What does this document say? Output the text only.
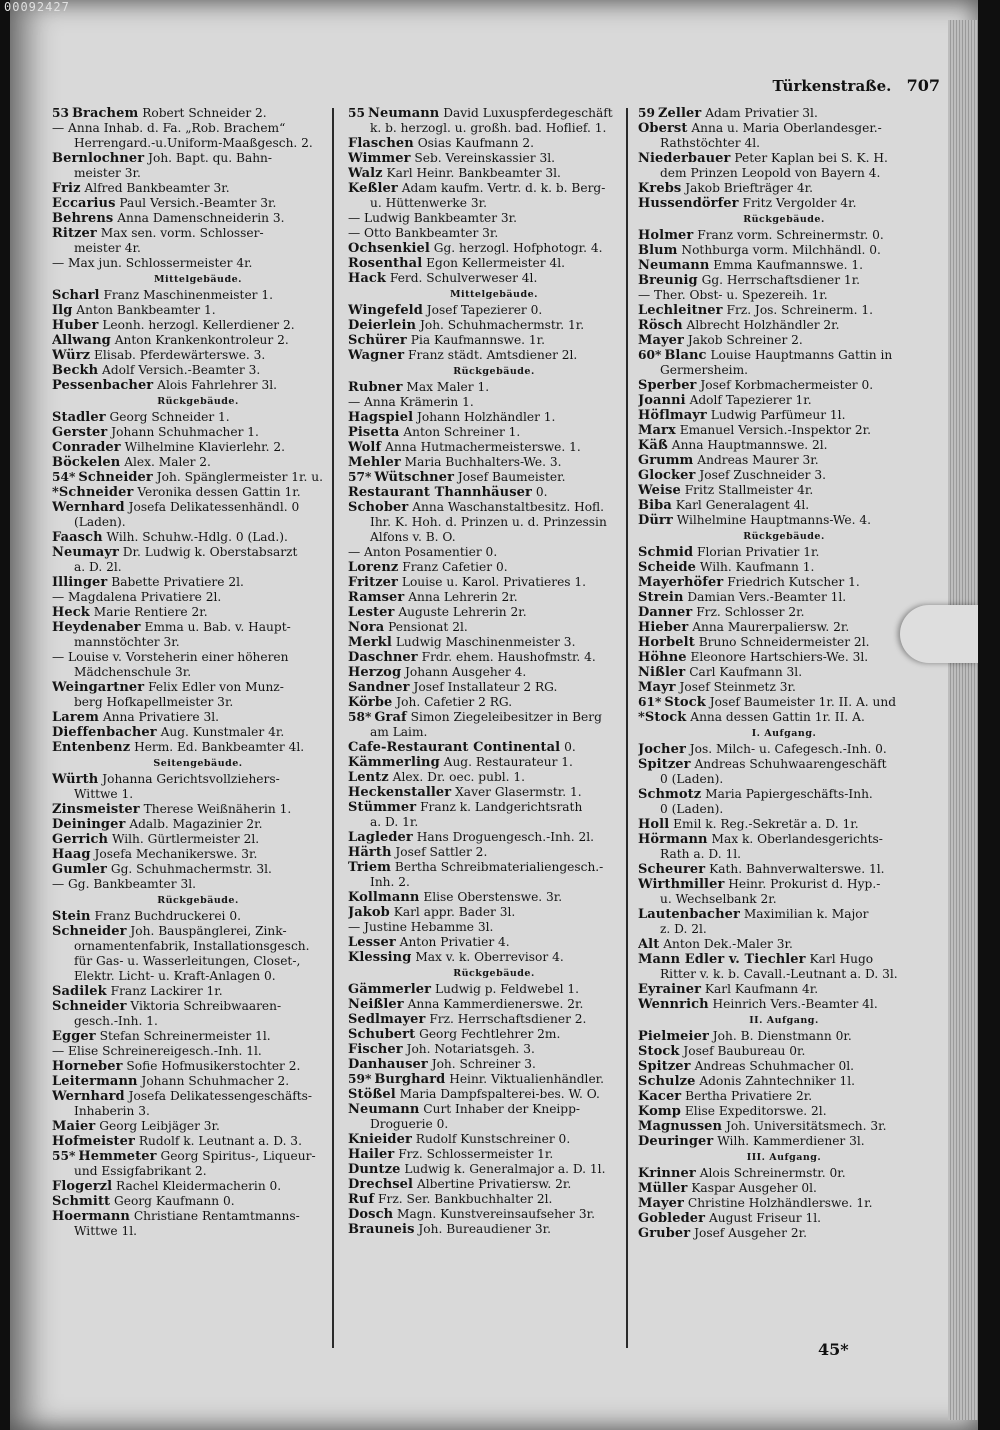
Türkenstraße. 707
53 Brachem Robert Schneider 2.
— Anna Inhab. d. Fa. „Rob. Brachem“
Herrengard.-u.Uniform-Maaßgesch. 2.
Bernlochner Joh. Bapt. qu. Bahn-
meister 3r.
Friz Alfred Bankbeamter 3r.
Eccarius Paul Versich.-Beamter 3r.
Behrens Anna Damenschneiderin 3.
Ritzer Max sen. vorm. Schlosser-
meister 4r.
— Max jun. Schlossermeister 4r.
Mittelgebäude.
Scharl Franz Maschinenmeister 1.
Ilg Anton Bankbeamter 1.
Huber Leonh. herzogl. Kellerdiener 2.
Allwang Anton Krankenkontroleur 2.
Würz Elisab. Pferdewärterswe. 3.
Beckh Adolf Versich.-Beamter 3.
Pessenbacher Alois Fahrlehrer 3l.
Rückgebäude.
Stadler Georg Schneider 1.
Gerster Johann Schuhmacher 1.
Conrader Wilhelmine Klavierlehr. 2.
Böckelen Alex. Maler 2.
54* Schneider Joh. Spänglermeister 1r. u.
*Schneider Veronika dessen Gattin 1r.
Wernhard Josefa Delikatessenhändl. 0
(Laden).
Faasch Wilh. Schuhw.-Hdlg. 0 (Lad.).
Neumayr Dr. Ludwig k. Oberstabsarzt
a. D. 2l.
Illinger Babette Privatiere 2l.
— Magdalena Privatiere 2l.
Heck Marie Rentiere 2r.
Heydenaber Emma u. Bab. v. Haupt-
mannstöchter 3r.
— Louise v. Vorsteherin einer höheren
Mädchenschule 3r.
Weingartner Felix Edler von Munz-
berg Hofkapellmeister 3r.
Larem Anna Privatiere 3l.
Dieffenbacher Aug. Kunstmaler 4r.
Entenbenz Herm. Ed. Bankbeamter 4l.
Seitengebäude.
Würth Johanna Gerichtsvollziehers-
Wittwe 1.
Zinsmeister Therese Weißnäherin 1.
Deininger Adalb. Magazinier 2r.
Gerrich Wilh. Gürtlermeister 2l.
Haag Josefa Mechanikerswe. 3r.
Gumler Gg. Schuhmachermstr. 3l.
— Gg. Bankbeamter 3l.
Rückgebäude.
Stein Franz Buchdruckerei 0.
Schneider Joh. Bauspänglerei, Zink-
ornamentenfabrik, Installationsgesch.
für Gas- u. Wasserleitungen, Closet-,
Elektr. Licht- u. Kraft-Anlagen 0.
Sadilek Franz Lackirer 1r.
Schneider Viktoria Schreibwaaren-
gesch.-Inh. 1.
Egger Stefan Schreinermeister 1l.
— Elise Schreinereigesch.-Inh. 1l.
Horneber Sofie Hofmusikerstochter 2.
Leitermann Johann Schuhmacher 2.
Wernhard Josefa Delikatessengeschäfts-
Inhaberin 3.
Maier Georg Leibjäger 3r.
Hofmeister Rudolf k. Leutnant a. D. 3.
55* Hemmeter Georg Spiritus-, Liqueur-
und Essigfabrikant 2.
Flogerzl Rachel Kleidermacherin 0.
Schmitt Georg Kaufmann 0.
Hoermann Christiane Rentamtmanns-
Wittwe 1l.
55 Neumann David Luxuspferdegeschäft
k. b. herzogl. u. großh. bad. Hoflief. 1.
Flaschen Osias Kaufmann 2.
Wimmer Seb. Vereinskassier 3l.
Walz Karl Heinr. Bankbeamter 3l.
Keßler Adam kaufm. Vertr. d. k. b. Berg-
u. Hüttenwerke 3r.
— Ludwig Bankbeamter 3r.
— Otto Bankbeamter 3r.
Ochsenkiel Gg. herzogl. Hofphotogr. 4.
Rosenthal Egon Kellermeister 4l.
Hack Ferd. Schulverweser 4l.
Mittelgebäude.
Wingefeld Josef Tapezierer 0.
Deierlein Joh. Schuhmachermstr. 1r.
Schürer Pia Kaufmannswe. 1r.
Wagner Franz städt. Amtsdiener 2l.
Rückgebäude.
Rubner Max Maler 1.
— Anna Krämerin 1.
Hagspiel Johann Holzhändler 1.
Pisetta Anton Schreiner 1.
Wolf Anna Hutmachermeisterswe. 1.
Mehler Maria Buchhalters-We. 3.
57* Wütschner Josef Baumeister.
Restaurant Thannhäuser 0.
Schober Anna Waschanstaltbesitz. Hofl.
Ihr. K. Hoh. d. Prinzen u. d. Prinzessin
Alfons v. B. O.
— Anton Posamentier 0.
Lorenz Franz Cafetier 0.
Fritzer Louise u. Karol. Privatieres 1.
Ramser Anna Lehrerin 2r.
Lester Auguste Lehrerin 2r.
Nora Pensionat 2l.
Merkl Ludwig Maschinenmeister 3.
Daschner Frdr. ehem. Haushofmstr. 4.
Herzog Johann Ausgeher 4.
Sandner Josef Installateur 2 RG.
Körbe Joh. Cafetier 2 RG.
58* Graf Simon Ziegeleibesitzer in Berg
am Laim.
Cafe-Restaurant Continental 0.
Kämmerling Aug. Restaurateur 1.
Lentz Alex. Dr. oec. publ. 1.
Heckenstaller Xaver Glasermstr. 1.
Stümmer Franz k. Landgerichtsrath
a. D. 1r.
Lagleder Hans Droguengesch.-Inh. 2l.
Härth Josef Sattler 2.
Triem Bertha Schreibmaterialiengesch.-
Inh. 2.
Kollmann Elise Oberstenswe. 3r.
Jakob Karl appr. Bader 3l.
— Justine Hebamme 3l.
Lesser Anton Privatier 4.
Klessing Max v. k. Oberrevisor 4.
Rückgebäude.
Gämmerler Ludwig p. Feldwebel 1.
Neißler Anna Kammerdienerswe. 2r.
Sedlmayer Frz. Herrschaftsdiener 2.
Schubert Georg Fechtlehrer 2m.
Fischer Joh. Notariatsgeh. 3.
Danhauser Joh. Schreiner 3.
59* Burghard Heinr. Viktualienhändler.
Stößel Maria Dampfspalterei-bes. W. O.
Neumann Curt Inhaber der Kneipp-
Droguerie 0.
Knieider Rudolf Kunstschreiner 0.
Hailer Frz. Schlossermeister 1r.
Duntze Ludwig k. Generalmajor a. D. 1l.
Drechsel Albertine Privatiersw. 2r.
Ruf Frz. Ser. Bankbuchhalter 2l.
Dosch Magn. Kunstvereinsaufseher 3r.
Brauneis Joh. Bureaudiener 3r.
59 Zeller Adam Privatier 3l.
Oberst Anna u. Maria Oberlandesger.-
Rathstöchter 4l.
Niederbauer Peter Kaplan bei S. K. H.
dem Prinzen Leopold von Bayern 4.
Krebs Jakob Briefträger 4r.
Hussendörfer Fritz Vergolder 4r.
Rückgebäude.
Holmer Franz vorm. Schreinermstr. 0.
Blum Nothburga vorm. Milchhändl. 0.
Neumann Emma Kaufmannswe. 1.
Breunig Gg. Herrschaftsdiener 1r.
— Ther. Obst- u. Spezereih. 1r.
Lechleitner Frz. Jos. Schreinerm. 1.
Rösch Albrecht Holzhändler 2r.
Mayer Jakob Schreiner 2.
60* Blanc Louise Hauptmanns Gattin in
Germersheim.
Sperber Josef Korbmachermeister 0.
Joanni Adolf Tapezierer 1r.
Höflmayr Ludwig Parfümeur 1l.
Marx Emanuel Versich.-Inspektor 2r.
Käß Anna Hauptmannswe. 2l.
Grumm Andreas Maurer 3r.
Glocker Josef Zuschneider 3.
Weise Fritz Stallmeister 4r.
Biba Karl Generalagent 4l.
Dürr Wilhelmine Hauptmanns-We. 4.
Rückgebäude.
Schmid Florian Privatier 1r.
Scheide Wilh. Kaufmann 1.
Mayerhöfer Friedrich Kutscher 1.
Strein Damian Vers.-Beamter 1l.
Danner Frz. Schlosser 2r.
Hieber Anna Maurerpaliersw. 2r.
Horbelt Bruno Schneidermeister 2l.
Höhne Eleonore Hartschiers-We. 3l.
Nißler Carl Kaufmann 3l.
Mayr Josef Steinmetz 3r.
61* Stock Josef Baumeister 1r. II. A. und
*Stock Anna dessen Gattin 1r. II. A.
I. Aufgang.
Jocher Jos. Milch- u. Cafegesch.-Inh. 0.
Spitzer Andreas Schuhwaarengeschäft
0 (Laden).
Schmotz Maria Papiergeschäfts-Inh.
0 (Laden).
Holl Emil k. Reg.-Sekretär a. D. 1r.
Hörmann Max k. Oberlandesgerichts-
Rath a. D. 1l.
Scheurer Kath. Bahnverwalterswe. 1l.
Wirthmiller Heinr. Prokurist d. Hyp.-
u. Wechselbank 2r.
Lautenbacher Maximilian k. Major
z. D. 2l.
Alt Anton Dek.-Maler 3r.
Mann Edler v. Tiechler Karl Hugo
Ritter v. k. b. Cavall.-Leutnant a. D. 3l.
Eyrainer Karl Kaufmann 4r.
Wennrich Heinrich Vers.-Beamter 4l.
II. Aufgang.
Pielmeier Joh. B. Dienstmann 0r.
Stock Josef Baubureau 0r.
Spitzer Andreas Schuhmacher 0l.
Schulze Adonis Zahntechniker 1l.
Kacer Bertha Privatiere 2r.
Komp Elise Expeditorswe. 2l.
Magnussen Joh. Universitätsmech. 3r.
Deuringer Wilh. Kammerdiener 3l.
III. Aufgang.
Krinner Alois Schreinermstr. 0r.
Müller Kaspar Ausgeher 0l.
Mayer Christine Holzhändlerswe. 1r.
Gobleder August Friseur 1l.
Gruber Josef Ausgeher 2r.
45*
00092427
